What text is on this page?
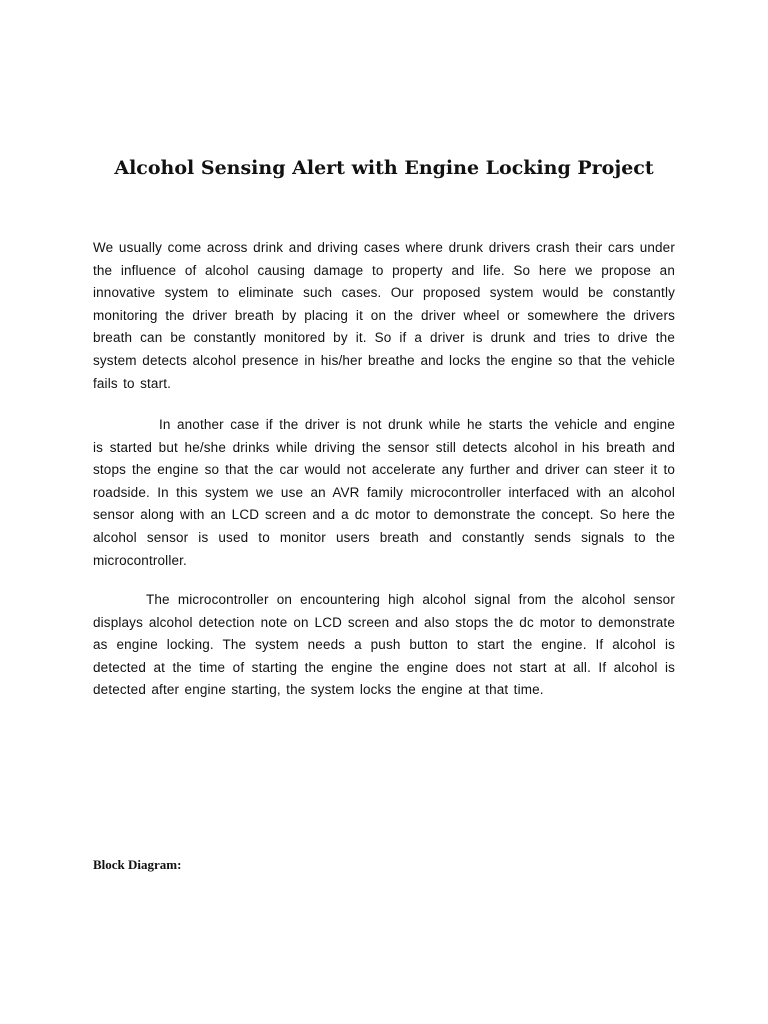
Alcohol Sensing Alert with Engine Locking Project

We usually come across drink and driving cases where drunk drivers crash their cars under the influence of alcohol causing damage to property and life. So here we propose an innovative system to eliminate such cases. Our proposed system would be constantly monitoring the driver breath by placing it on the driver wheel or somewhere the drivers breath can be constantly monitored by it. So if a driver is drunk and tries to drive the system detects alcohol presence in his/her breathe and locks the engine so that the vehicle fails to start.

In another case if the driver is not drunk while he starts the vehicle and engine is started but he/she drinks while driving the sensor still detects alcohol in his breath and stops the engine so that the car would not accelerate any further and driver can steer it to roadside. In this system we use an AVR family microcontroller interfaced with an alcohol sensor along with an LCD screen and a dc motor to demonstrate the concept. So here the alcohol sensor is used to monitor users breath and constantly sends signals to the microcontroller.

The microcontroller on encountering high alcohol signal from the alcohol sensor displays alcohol detection note on LCD screen and also stops the dc motor to demonstrate as engine locking. The system needs a push button to start the engine. If alcohol is detected at the time of starting the engine the engine does not start at all. If alcohol is detected after engine starting, the system locks the engine at that time.

Block Diagram:
